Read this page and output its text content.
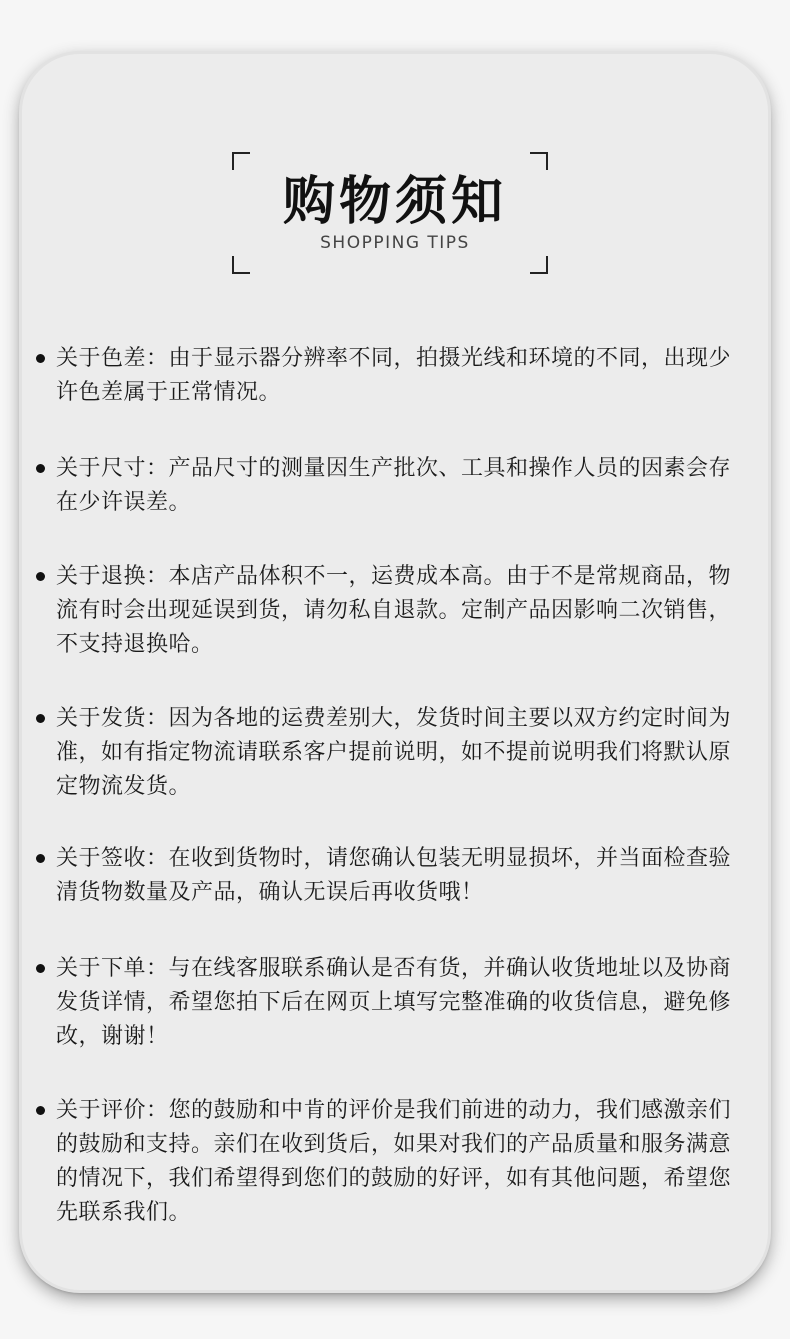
购物须知
SHOPPING TIPS
关于色差：由于显示器分辨率不同，拍摄光线和环境的不同，出现少许色差属于正常情况。
关于尺寸：产品尺寸的测量因生产批次、工具和操作人员的因素会存在少许误差。
关于退换：本店产品体积不一，运费成本高。由于不是常规商品，物流有时会出现延误到货，请勿私自退款。定制产品因影响二次销售，不支持退换哈。
关于发货：因为各地的运费差别大，发货时间主要以双方约定时间为准，如有指定物流请联系客户提前说明，如不提前说明我们将默认原定物流发货。
关于签收：在收到货物时，请您确认包装无明显损坏，并当面检查验清货物数量及产品，确认无误后再收货哦！
关于下单：与在线客服联系确认是否有货，并确认收货地址以及协商发货详情，希望您拍下后在网页上填写完整准确的收货信息，避免修改，谢谢！
关于评价：您的鼓励和中肯的评价是我们前进的动力，我们感激亲们的鼓励和支持。亲们在收到货后，如果对我们的产品质量和服务满意的情况下，我们希望得到您们的鼓励的好评，如有其他问题，希望您先联系我们。
